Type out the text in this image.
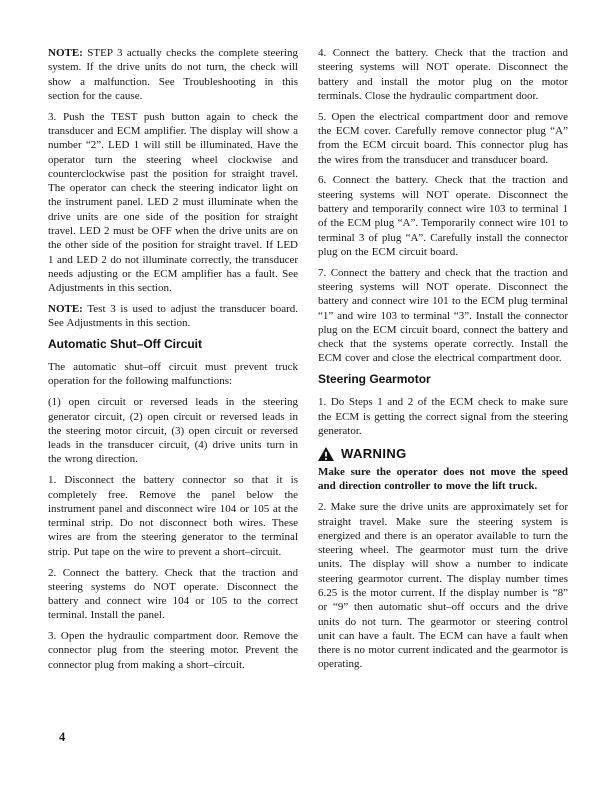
NOTE: STEP 3 actually checks the complete steering system. If the drive units do not turn, the check will show a malfunction. See Troubleshooting in this section for the cause.

3. Push the TEST push button again to check the transducer and ECM amplifier. The display will show a number “2”. LED 1 will still be illuminated. Have the operator turn the steering wheel clockwise and counterclockwise past the position for straight travel. The operator can check the steering indicator light on the instrument panel. LED 2 must illuminate when the drive units are one side of the position for straight travel. LED 2 must be OFF when the drive units are on the other side of the position for straight travel. If LED 1 and LED 2 do not illuminate correctly, the transducer needs adjusting or the ECM amplifier has a fault. See Adjustments in this section.

NOTE: Test 3 is used to adjust the transducer board. See Adjustments in this section.

Automatic Shut–Off Circuit

The automatic shut–off circuit must prevent truck operation for the following malfunctions:

(1) open circuit or reversed leads in the steering generator circuit, (2) open circuit or reversed leads in the steering motor circuit, (3) open circuit or reversed leads in the transducer circuit, (4) drive units turn in the wrong direction.

1. Disconnect the battery connector so that it is completely free. Remove the panel below the instrument panel and disconnect wire 104 or 105 at the terminal strip. Do not disconnect both wires. These wires are from the steering generator to the terminal strip. Put tape on the wire to prevent a short–circuit.

2. Connect the battery. Check that the traction and steering systems do NOT operate. Disconnect the battery and connect wire 104 or 105 to the correct terminal. Install the panel.

3. Open the hydraulic compartment door. Remove the connector plug from the steering motor. Prevent the connector plug from making a short–circuit.

4. Connect the battery. Check that the traction and steering systems will NOT operate. Disconnect the battery and install the motor plug on the motor terminals. Close the hydraulic compartment door.

5. Open the electrical compartment door and remove the ECM cover. Carefully remove connector plug “A” from the ECM circuit board. This connector plug has the wires from the transducer and transducer board.

6. Connect the battery. Check that the traction and steering systems will NOT operate. Disconnect the battery and temporarily connect wire 103 to terminal 1 of the ECM plug “A”. Temporarily connect wire 101 to terminal 3 of plug “A”. Carefully install the connector plug on the ECM circuit board.

7. Connect the battery and check that the traction and steering systems will NOT operate. Disconnect the battery and connect wire 101 to the ECM plug terminal “1” and wire 103 to terminal “3”. Install the connector plug on the ECM circuit board, connect the battery and check that the systems operate correctly. Install the ECM cover and close the electrical compartment door.

Steering Gearmotor

1. Do Steps 1 and 2 of the ECM check to make sure the ECM is getting the correct signal from the steering generator.

WARNING

Make sure the operator does not move the speed and direction controller to move the lift truck.

2. Make sure the drive units are approximately set for straight travel. Make sure the steering system is energized and there is an operator available to turn the steering wheel. The gearmotor must turn the drive units. The display will show a number to indicate steering gearmotor current. The display number times 6.25 is the motor current. If the display number is “8” or “9” then automatic shut–off occurs and the drive units do not turn. The gearmotor or steering control unit can have a fault. The ECM can have a fault when there is no motor current indicated and the gearmotor is operating.

4
